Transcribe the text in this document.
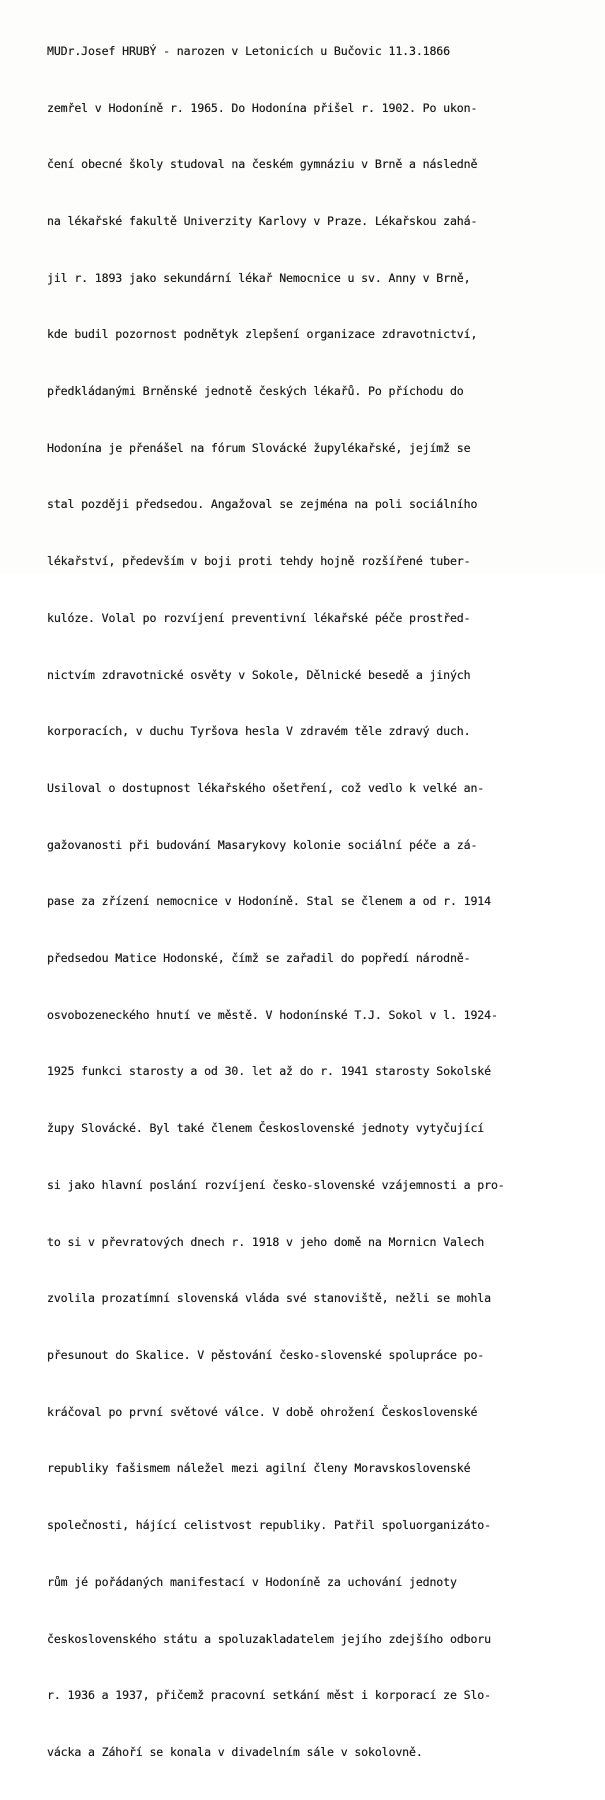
MUDr.Josef HRUBÝ - narozen v Letonicích u Bučovic 11.3.1866

zemřel v Hodoníně r. 1965. Do Hodonína přišel r. 1902. Po ukon-

čení obecné školy studoval na českém gymnáziu v Brně a následně

na lékařské fakultě Univerzity Karlovy v Praze. Lékařskou zahá-

jil r. 1893 jako sekundární lékař Nemocnice u sv. Anny v Brně,

kde budil pozornost podnětyk zlepšení organizace zdravotnictví,

předkládanými Brněnské jednotě českých lékařů. Po příchodu do

Hodonína je přenášel na fórum Slovácké župylékařské, jejímž se

stal později předsedou. Angažoval se zejména na poli sociálního

lékařství, především v boji proti tehdy hojně rozšířené tuber-

kulóze. Volal po rozvíjení preventivní lékařské péče prostřed-

nictvím zdravotnické osvěty v Sokole, Dělnické besedě a jiných

korporacích, v duchu Tyršova hesla V zdravém těle zdravý duch.

Usiloval o dostupnost lékařského ošetření, což vedlo k velké an-

gažovanosti při budování Masarykovy kolonie sociální péče a zá-

pase za zřízení nemocnice v Hodoníně. Stal se členem a od r. 1914

předsedou Matice Hodonské, čímž se zařadil do popředí národně-

osvobozeneckého hnutí ve městě. V hodonínské T.J. Sokol v l. 1924-

1925 funkci starosty a od 30. let až do r. 1941 starosty Sokolské

župy Slovácké. Byl také členem Československé jednoty vytyčující

si jako hlavní poslání rozvíjení česko-slovenské vzájemnosti a pro-

to si v převratových dnech r. 1918 v jeho domě na Mornicn Valech

zvolila prozatímní slovenská vláda své stanoviště, nežli se mohla

přesunout do Skalice. V pěstování česko-slovenské spolupráce po-

kráčoval po první světové válce. V době ohrožení Československé

republiky fašismem náležel mezi agilní členy Moravskoslovenské

společnosti, hájící celistvost republiky. Patřil spoluorganizáto-

rům jé pořádaných manifestací v Hodoníně za uchování jednoty

československého státu a spoluzakladatelem jejího zdejšího odboru

r. 1936 a 1937, přičemž pracovní setkání měst i korporací ze Slo-

vácka a Záhoří se konala v divadelním sále v sokolovně.
